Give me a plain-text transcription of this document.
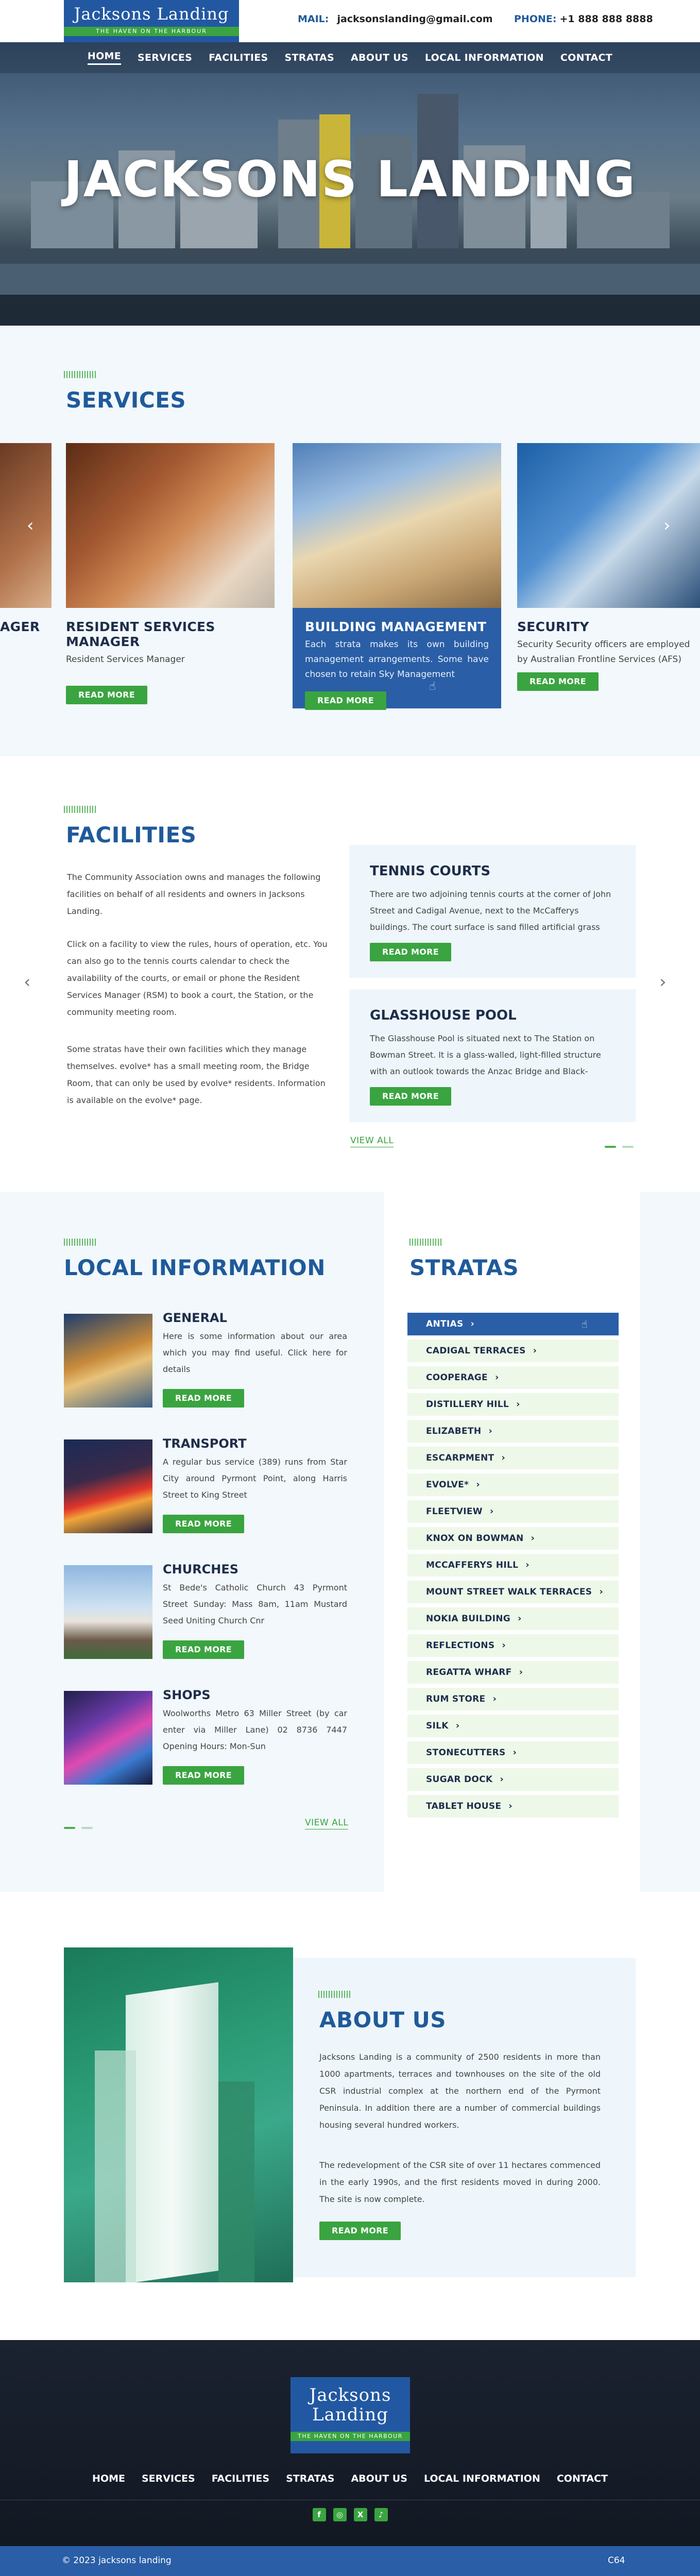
Jacksons Landing
THE HAVEN ON THE HARBOUR
MAIL: jacksonslanding@gmail.com PHONE: +1 888 888 8888
HOME SERVICES FACILITIES STRATAS ABOUT US LOCAL INFORMATION CONTACT
JACKSONS LANDING
SERVICES
AGER	RESIDENT SERVICES MANAGER

Resident Services Manager

READ MORE
BUILDING MANAGEMENT

Each strata makes its own building management arrangements. Some have chosen to retain Sky Management

READ MORE
☝
SECURITY

Security Security officers are employed by Australian Frontline Services (AFS)

READ MORE
‹	›
FACILITIES

The Community Association owns and manages the following facilities on behalf of all residents and owners in Jacksons Landing.

Click on a facility to view the rules, hours of operation, etc. You can also go to the tennis courts calendar to check the availability of the courts, or email or phone the Resident Services Manager (RSM) to book a court, the Station, or the community meeting room.

Some stratas have their own facilities which they manage themselves. evolve* has a small meeting room, the Bridge Room, that can only be used by evolve* residents. Information is available on the evolve* page.

TENNIS COURTS

There are two adjoining tennis courts at the corner of John Street and Cadigal Avenue, next to the McCafferys buildings. The court surface is sand filled artificial grass

READ MORE
GLASSHOUSE POOL

The Glasshouse Pool is situated next to The Station on Bowman Street. It is a glass-walled, light-filled structure with an outlook towards the Anzac Bridge and Black-

READ MORE
‹	›
VIEW ALL
LOCAL INFORMATION
GENERAL

Here is some information about our area which you may find useful. Click here for details

READ MORE
TRANSPORT

A regular bus service (389) runs from Star City around Pyrmont Point, along Harris Street to King Street

READ MORE
CHURCHES

St Bede's Catholic Church 43 Pyrmont Street Sunday: Mass 8am, 11am Mustard Seed Uniting Church Cnr

READ MORE
SHOPS

Woolworths Metro 63 Miller Street (by car enter via Miller Lane) 02 8736 7447 Opening Hours: Mon-Sun

READ MORE
VIEW ALL
STRATAS
ANTIAS ›	☝
CADIGAL TERRACES ›
COOPERAGE ›
DISTILLERY HILL ›
ELIZABETH ›
ESCARPMENT ›
EVOLVE* ›
FLEETVIEW ›
KNOX ON BOWMAN ›
MCCAFFERYS HILL ›
MOUNT STREET WALK TERRACES ›
NOKIA BUILDING ›
REFLECTIONS ›
REGATTA WHARF ›
RUM STORE ›
SILK ›
STONECUTTERS ›
SUGAR DOCK ›
TABLET HOUSE ›
ABOUT US

Jacksons Landing is a community of 2500 residents in more than 1000 apartments, terraces and townhouses on the site of the old CSR industrial complex at the northern end of the Pyrmont Peninsula. In addition there are a number of commercial buildings housing several hundred workers.

The redevelopment of the CSR site of over 11 hectares commenced in the early 1990s, and the first residents moved in during 2000. The site is now complete.

READ MORE
Jacksons
Landing
THE HAVEN ON THE HARBOUR
HOME SERVICES FACILITIES STRATAS ABOUT US LOCAL INFORMATION CONTACT
f	◎	X	♪
© 2023 jacksons landing	C64
